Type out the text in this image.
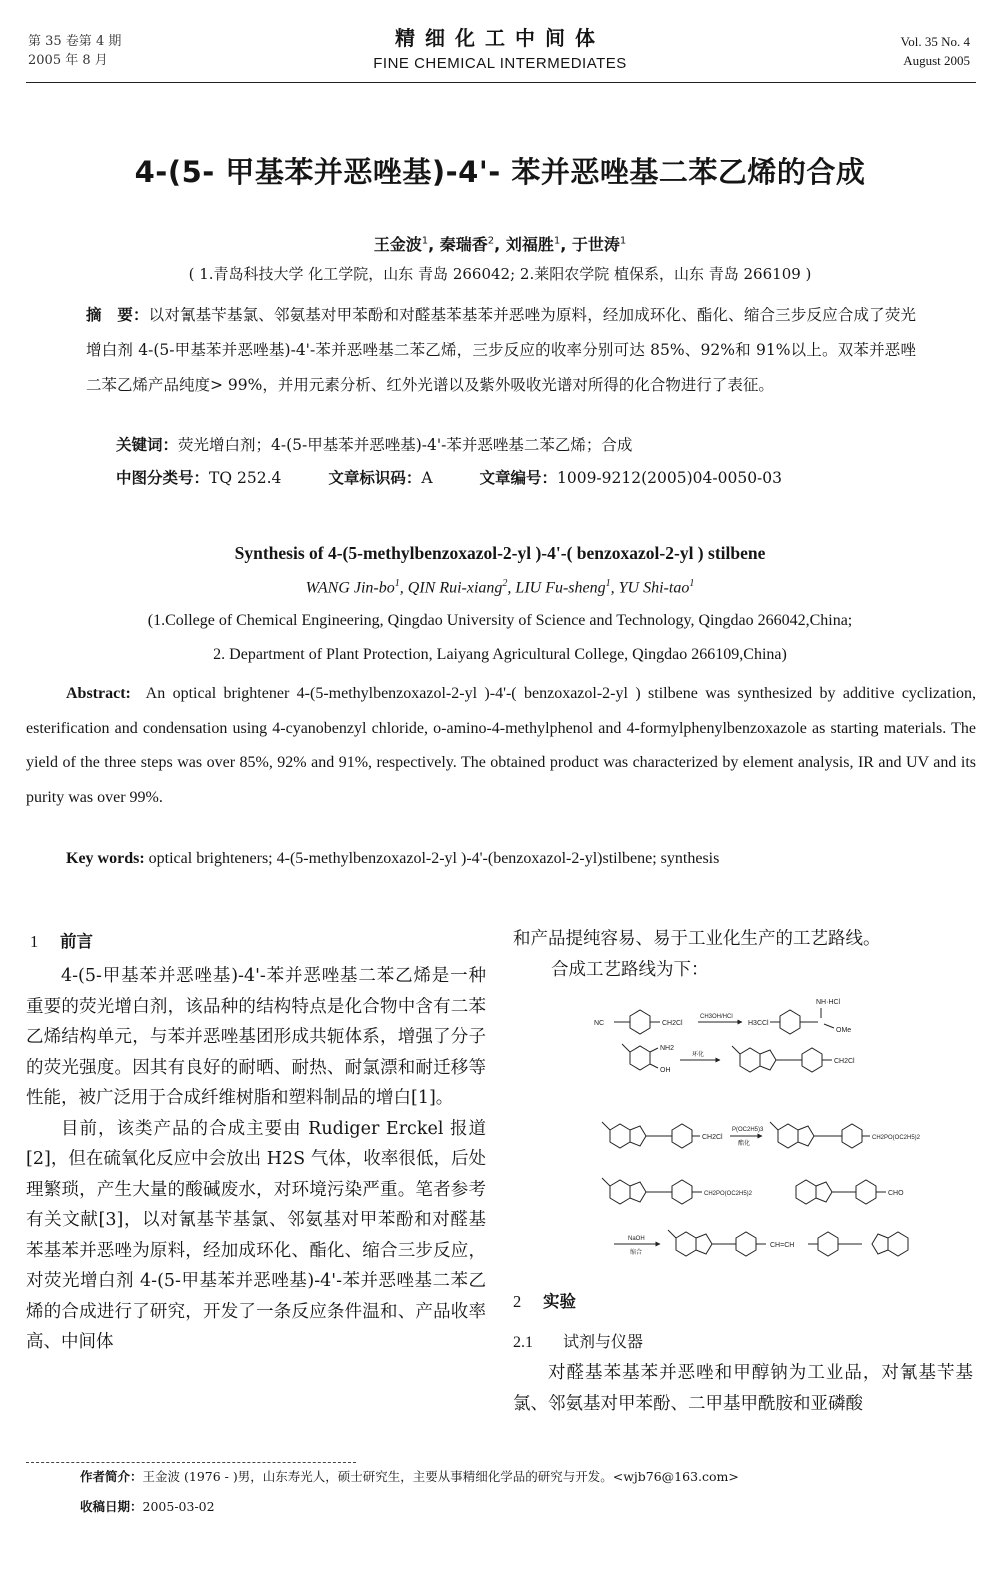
第 35 卷第 4 期
2005 年 8 月
精细化工中间体
FINE CHEMICAL INTERMEDIATES
Vol. 35 No. 4
August 2005
4-(5- 甲基苯并恶唑基)-4'- 苯并恶唑基二苯乙烯的合成
王金波$^1$, 秦瑞香$^2$, 刘福胜$^1$, 于世涛$^1$
( 1.青岛科技大学 化工学院，山东 青岛 266042; 2.莱阳农学院 植保系，山东 青岛 266109 )
摘　要：以对氰基苄基氯、邻氨基对甲苯酚和对醛基苯基苯并恶唑为原料，经加成环化、酯化、缩合三步反应合成了荧光增白剂 4-(5-甲基苯并恶唑基)-4'-苯并恶唑基二苯乙烯，三步反应的收率分别可达 85%、92%和 91%以上。双苯并恶唑二苯乙烯产品纯度> 99%，并用元素分析、红外光谱以及紫外吸收光谱对所得的化合物进行了表征。
关键词：荧光增白剂；4-(5-甲基苯并恶唑基)-4'-苯并恶唑基二苯乙烯；合成
中图分类号：TQ 252.4	文章标识码：A	文章编号：1009-9212(2005)04-0050-03
Synthesis of 4-(5-methylbenzoxazol-2-yl )-4'-( benzoxazol-2-yl ) stilbene
WANG Jin-$bo^1$, QIN Rui-xiang$^2$, LIU Fu-sheng$^1$, YU Shi-tao$^1$
(1.College of Chemical Engineering, Qingdao University of Science and Technology, Qingdao 266042,China;
2. Department of Plant Protection, Laiyang Agricultural College, Qingdao 266109,China)
Abstract: An optical brightener 4-(5-methylbenzoxazol-2-yl )-4'-( benzoxazol-2-yl ) stilbene was synthesized by additive cyclization, esterification and condensation using 4-cyanobenzyl chloride, o-amino-4-methylphenol and 4-formylphenylbenzoxazole as starting materials. The yield of the three steps was over 85%, 92% and 91%, respectively. The obtained product was characterized by element analysis, IR and UV and its purity was over 99%.
Key words: optical brighteners; 4-(5-methylbenzoxazol-2-yl )-4'-(benzoxazol-2-yl)stilbene; synthesis
1 前言

4-(5-甲基苯并恶唑基)-4'-苯并恶唑基二苯乙烯是一种重要的荧光增白剂，该品种的结构特点是化合物中含有二苯乙烯结构单元，与苯并恶唑基团形成共轭体系，增强了分子的荧光强度。因其有良好的耐晒、耐热、耐氯漂和耐迁移等性能，被广泛用于合成纤维树脂和塑料制品的增白[1]。

目前，该类产品的合成主要由 Rudiger Erckel 报道[2]，但在硫氧化反应中会放出 H2S 气体，收率很低，后处理繁琐，产生大量的酸碱废水，对环境污染严重。笔者参考有关文献[3]，以对氰基苄基氯、邻氨基对甲苯酚和对醛基苯基苯并恶唑为原料，经加成环化、酯化、缩合三步反应，对荧光增白剂 4-(5-甲基苯并恶唑基)-4'-苯并恶唑基二苯乙烯的合成进行了研究，开发了一条反应条件温和、产品收率高、中间体

和产品提纯容易、易于工业化生产的工艺路线。
合成工艺路线为下：
NC	CH2Cl
CH3OH/HCl
H3CCl
NH·HCl
OMe
NH2
OH
环化
CH2Cl
CH2Cl
P(OC2H5)3
酯化
CH2PO(OC2H5)2
CH2PO(OC2H5)2	CHO
NaOH
缩合
CH=CH
2 实验
2.1 试剂与仪器

对醛基苯基苯并恶唑和甲醇钠为工业品，对氰基苄基氯、邻氨基对甲苯酚、二甲基甲酰胺和亚磷酸

作者简介：王金波 (1976 - )男，山东寿光人，硕士研究生，主要从事精细化学品的研究与开发。<wjb76@163.com>
收稿日期：2005-03-02
